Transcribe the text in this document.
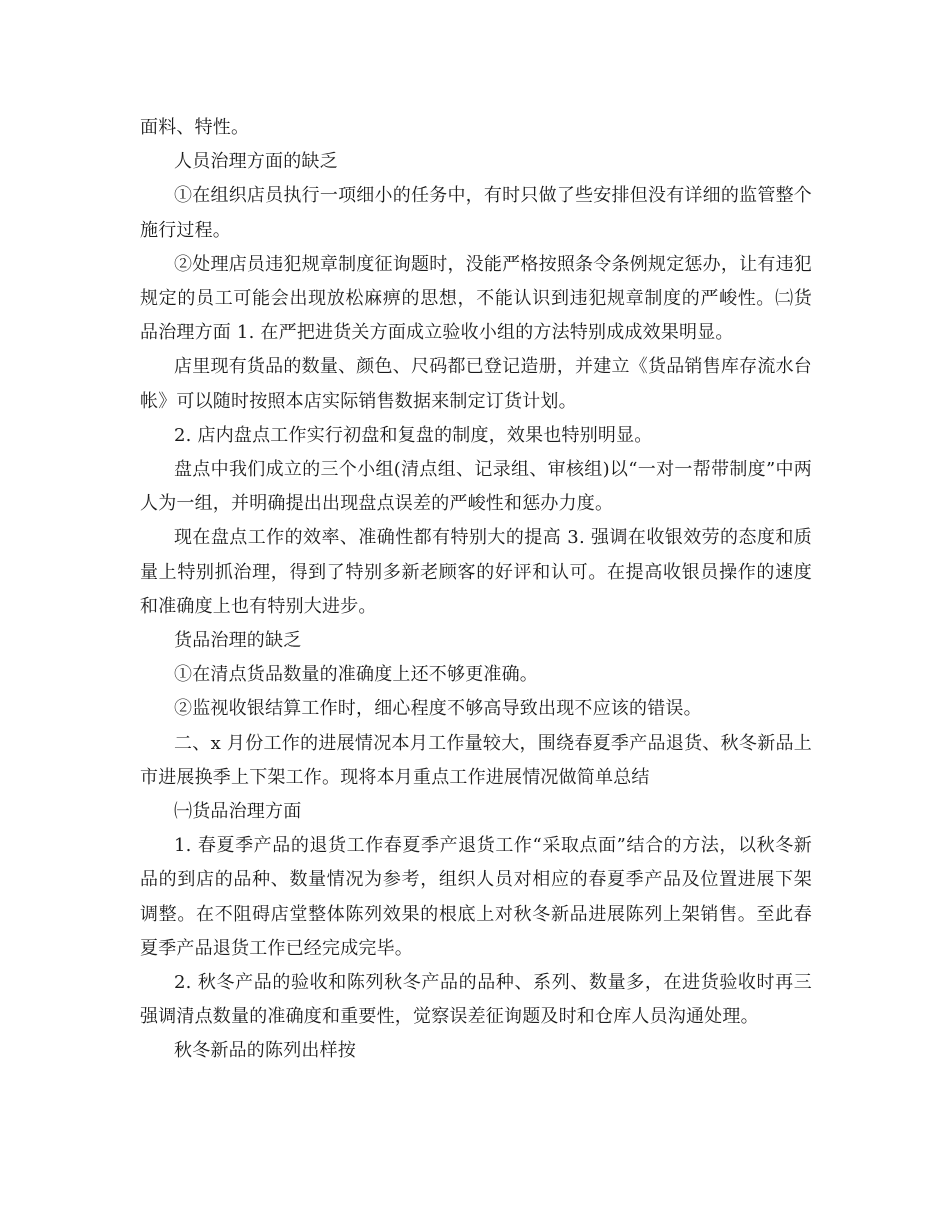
面料、特性。

人员治理方面的缺乏

①在组织店员执行一项细小的任务中，有时只做了些安排但没有详细的监管整个施行过程。

②处理店员违犯规章制度征询题时，没能严格按照条令条例规定惩办，让有违犯规定的员工可能会出现放松麻痹的思想，不能认识到违犯规章制度的严峻性。㈡货品治理方面 1. 在严把进货关方面成立验收小组的方法特别成成效果明显。

店里现有货品的数量、颜色、尺码都已登记造册，并建立《货品销售库存流水台帐》可以随时按照本店实际销售数据来制定订货计划。

2. 店内盘点工作实行初盘和复盘的制度，效果也特别明显。

盘点中我们成立的三个小组(清点组、记录组、审核组)以“一对一帮带制度”中两人为一组，并明确提出出现盘点误差的严峻性和惩办力度。

现在盘点工作的效率、准确性都有特别大的提高 3. 强调在收银效劳的态度和质量上特别抓治理，得到了特别多新老顾客的好评和认可。在提高收银员操作的速度和准确度上也有特别大进步。

货品治理的缺乏

①在清点货品数量的准确度上还不够更准确。

②监视收银结算工作时，细心程度不够高导致出现不应该的错误。

二、x 月份工作的进展情况本月工作量较大，围绕春夏季产品退货、秋冬新品上市进展换季上下架工作。现将本月重点工作进展情况做简单总结

㈠货品治理方面

1. 春夏季产品的退货工作春夏季产退货工作“采取点面”结合的方法，以秋冬新品的到店的品种、数量情况为参考，组织人员对相应的春夏季产品及位置进展下架调整。在不阻碍店堂整体陈列效果的根底上对秋冬新品进展陈列上架销售。至此春夏季产品退货工作已经完成完毕。

2. 秋冬产品的验收和陈列秋冬产品的品种、系列、数量多，在进货验收时再三强调清点数量的准确度和重要性，觉察误差征询题及时和仓库人员沟通处理。

秋冬新品的陈列出样按
